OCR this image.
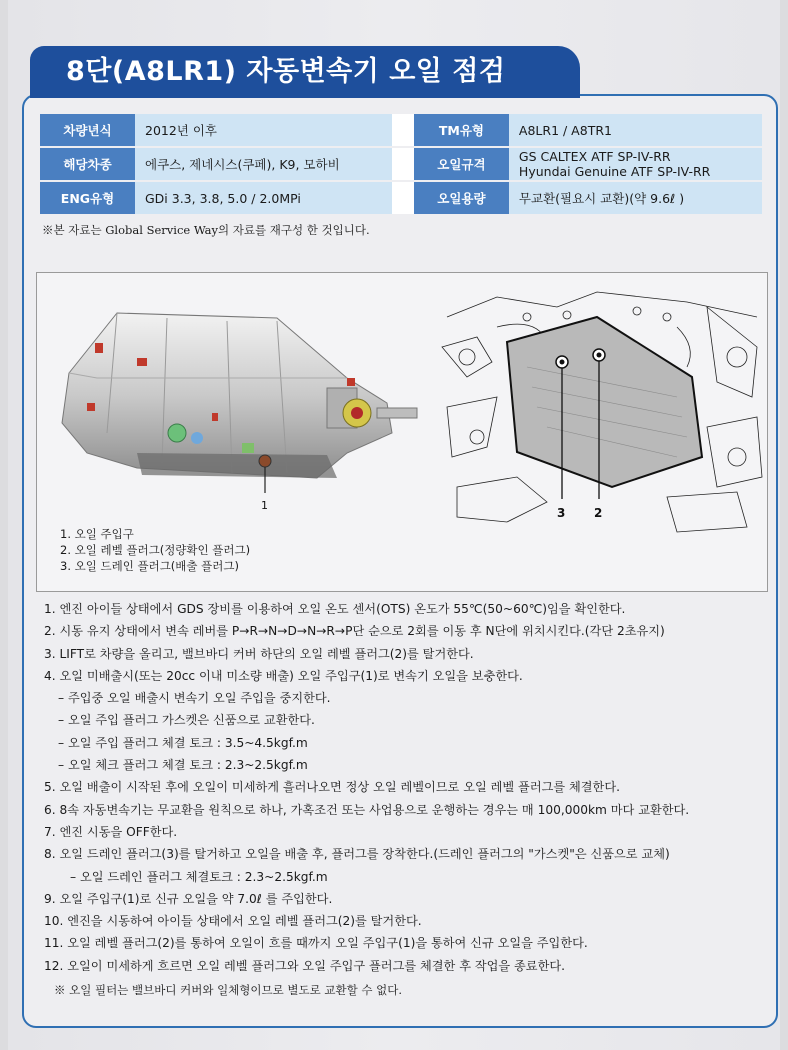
8단(A8LR1) 자동변속기 오일 점검
차량년식	2012년 이후		TM유형	A8LR1 / A8TR1

해당차종	에쿠스, 제네시스(쿠페), K9, 모하비		오일규격	GS CALTEX ATF SP-IV-RR
Hyundai Genuine ATF SP-IV-RR

ENG유형	GDi 3.3, 3.8, 5.0 / 2.0MPi		오일용량	무교환(필요시 교환)(약 9.6ℓ )
※본 자료는 Global Service Way의 자료를 재구성 한 것입니다.
1
3 2
1. 오일 주입구
2. 오일 레벨 플러그(정량확인 플러그)
3. 오일 드레인 플러그(배출 플러그)
1. 엔진 아이들 상태에서 GDS 장비를 이용하여 오일 온도 센서(OTS) 온도가 55℃(50~60℃)임을 확인한다.
2. 시동 유지 상태에서 변속 레버를 P→R→N→D→N→R→P단 순으로 2회를 이동 후 N단에 위치시킨다.(각단 2초유지)
3. LIFT로 차량을 올리고, 밸브바디 커버 하단의 오일 레벨 플러그(2)를 탈거한다.
4. 오일 미배출시(또는 20cc 이내 미소량 배출) 오일 주입구(1)로 변속기 오일을 보충한다.
– 주입중 오일 배출시 변속기 오일 주입을 중지한다.
– 오일 주입 플러그 가스켓은 신품으로 교환한다.
– 오일 주입 플러그 체결 토크 : 3.5~4.5kgf.m
– 오일 체크 플러그 체결 토크 : 2.3~2.5kgf.m
5. 오일 배출이 시작된 후에 오일이 미세하게 흘러나오면 정상 오일 레벨이므로 오일 레벨 플러그를 체결한다.
6. 8속 자동변속기는 무교환을 원칙으로 하나, 가혹조건 또는 사업용으로 운행하는 경우는 매 100,000km 마다 교환한다.
7. 엔진 시동을 OFF한다.
8. 오일 드레인 플러그(3)를 탈거하고 오일을 배출 후, 플러그를 장착한다.(드레인 플러그의 "가스켓"은 신품으로 교체)
– 오일 드레인 플러그 체결토크 : 2.3~2.5kgf.m
9. 오일 주입구(1)로 신규 오일을 약 7.0ℓ 를 주입한다.
10. 엔진을 시동하여 아이들 상태에서 오일 레벨 플러그(2)를 탈거한다.
11. 오일 레벨 플러그(2)를 통하여 오일이 흐를 때까지 오일 주입구(1)을 통하여 신규 오일을 주입한다.
12. 오일이 미세하게 흐르면 오일 레벨 플러그와 오일 주입구 플러그를 체결한 후 작업을 종료한다.
※ 오일 필터는 밸브바디 커버와 일체형이므로 별도로 교환할 수 없다.
